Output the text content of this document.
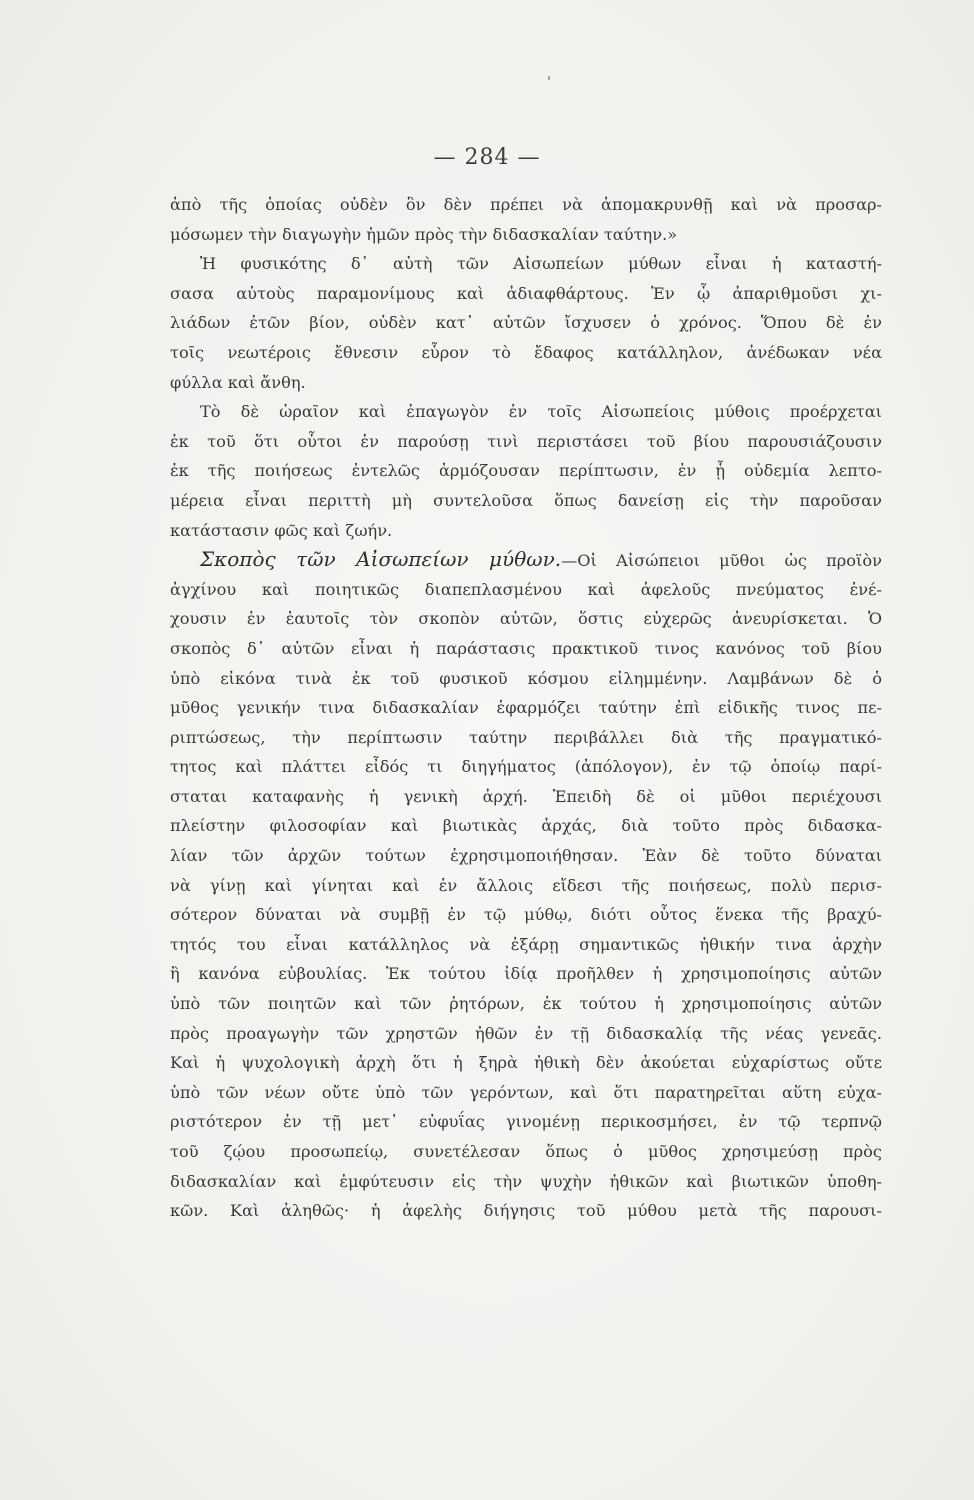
— 284 —
ἀπὸ τῆς ὁποίας οὐδὲν ὃν δὲν πρέπει νὰ ἀπομακρυνθῇ καὶ νὰ προσαρ-
μόσωμεν τὴν διαγωγὴν ἡμῶν πρὸς τὴν διδασκαλίαν ταύτην.»
Ἡ φυσικότης δ᾽ αὐτὴ τῶν Αἰσωπείων μύθων εἶναι ἡ καταστή-
σασα αὐτοὺς παραμονίμους καὶ ἀδιαφθάρτους. Ἐν ᾧ ἀπαριθμοῦσι χι-
λιάδων ἐτῶν βίον, οὐδὲν κατ᾽ αὐτῶν ἴσχυσεν ὁ χρόνος. Ὅπου δὲ ἐν
τοῖς νεωτέροις ἔθνεσιν εὗρον τὸ ἔδαφος κατάλληλον, ἀνέδωκαν νέα
φύλλα καὶ ἄνθη.
Τὸ δὲ ὡραῖον καὶ ἐπαγωγὸν ἐν τοῖς Αἰσωπείοις μύθοις προέρχεται
ἐκ τοῦ ὅτι οὗτοι ἐν παρούσῃ τινὶ περιστάσει τοῦ βίου παρουσιάζουσιν
ἐκ τῆς ποιήσεως ἐντελῶς ἁρμόζουσαν περίπτωσιν, ἐν ᾗ οὐδεμία λεπτο-
μέρεια εἶναι περιττὴ μὴ συντελοῦσα ὅπως δανείσῃ εἰς τὴν παροῦσαν
κατάστασιν φῶς καὶ ζωήν.
Σκοπὸς τῶν Αἰσωπείων μύθων.—Οἱ Αἰσώπειοι μῦθοι ὡς προϊὸν
ἀγχίνου καὶ ποιητικῶς διαπεπλασμένου καὶ ἀφελοῦς πνεύματος ἐνέ-
χουσιν ἐν ἑαυτοῖς τὸν σκοπὸν αὐτῶν, ὅστις εὐχερῶς ἀνευρίσκεται. Ὁ
σκοπὸς δ᾽ αὐτῶν εἶναι ἡ παράστασις πρακτικοῦ τινος κανόνος τοῦ βίου
ὑπὸ εἰκόνα τινὰ ἐκ τοῦ φυσικοῦ κόσμου εἰλημμένην. Λαμβάνων δὲ ὁ
μῦθος γενικήν τινα διδασκαλίαν ἐφαρμόζει ταύτην ἐπὶ εἰδικῆς τινος πε-
ριπτώσεως, τὴν περίπτωσιν ταύτην περιβάλλει διὰ τῆς πραγματικό-
τητος καὶ πλάττει εἶδός τι διηγήματος (ἀπόλογον), ἐν τῷ ὁποίῳ παρί-
σταται καταφανὴς ἡ γενικὴ ἀρχή. Ἐπειδὴ δὲ οἱ μῦθοι περιέχουσι
πλείστην φιλοσοφίαν καὶ βιωτικὰς ἀρχάς, διὰ τοῦτο πρὸς διδασκα-
λίαν τῶν ἀρχῶν τούτων ἐχρησιμοποιήθησαν. Ἐὰν δὲ τοῦτο δύναται
νὰ γίνῃ καὶ γίνηται καὶ ἐν ἄλλοις εἴδεσι τῆς ποιήσεως, πολὺ περισ-
σότερον δύναται νὰ συμβῇ ἐν τῷ μύθῳ, διότι οὗτος ἕνεκα τῆς βραχύ-
τητός του εἶναι κατάλληλος νὰ ἐξάρῃ σημαντικῶς ἠθικήν τινα ἀρχὴν
ἢ κανόνα εὐβουλίας. Ἐκ τούτου ἰδίᾳ προῆλθεν ἡ χρησιμοποίησις αὐτῶν
ὑπὸ τῶν ποιητῶν καὶ τῶν ῥητόρων, ἐκ τούτου ἡ χρησιμοποίησις αὐτῶν
πρὸς προαγωγὴν τῶν χρηστῶν ἠθῶν ἐν τῇ διδασκαλίᾳ τῆς νέας γενεᾶς.
Καὶ ἡ ψυχολογικὴ ἀρχὴ ὅτι ἡ ξηρὰ ἠθικὴ δὲν ἀκούεται εὐχαρίστως οὔτε
ὑπὸ τῶν νέων οὔτε ὑπὸ τῶν γερόντων, καὶ ὅτι παρατηρεῖται αὕτη εὐχα-
ριστότερον ἐν τῇ μετ᾽ εὐφυΐας γινομένῃ περικοσμήσει, ἐν τῷ τερπνῷ
τοῦ ζῴου προσωπείῳ, συνετέλεσαν ὅπως ὁ μῦθος χρησιμεύσῃ πρὸς
διδασκαλίαν καὶ ἐμφύτευσιν εἰς τὴν ψυχὴν ἠθικῶν καὶ βιωτικῶν ὑποθη-
κῶν. Καὶ ἀληθῶς· ἡ ἀφελὴς διήγησις τοῦ μύθου μετὰ τῆς παρουσι-
